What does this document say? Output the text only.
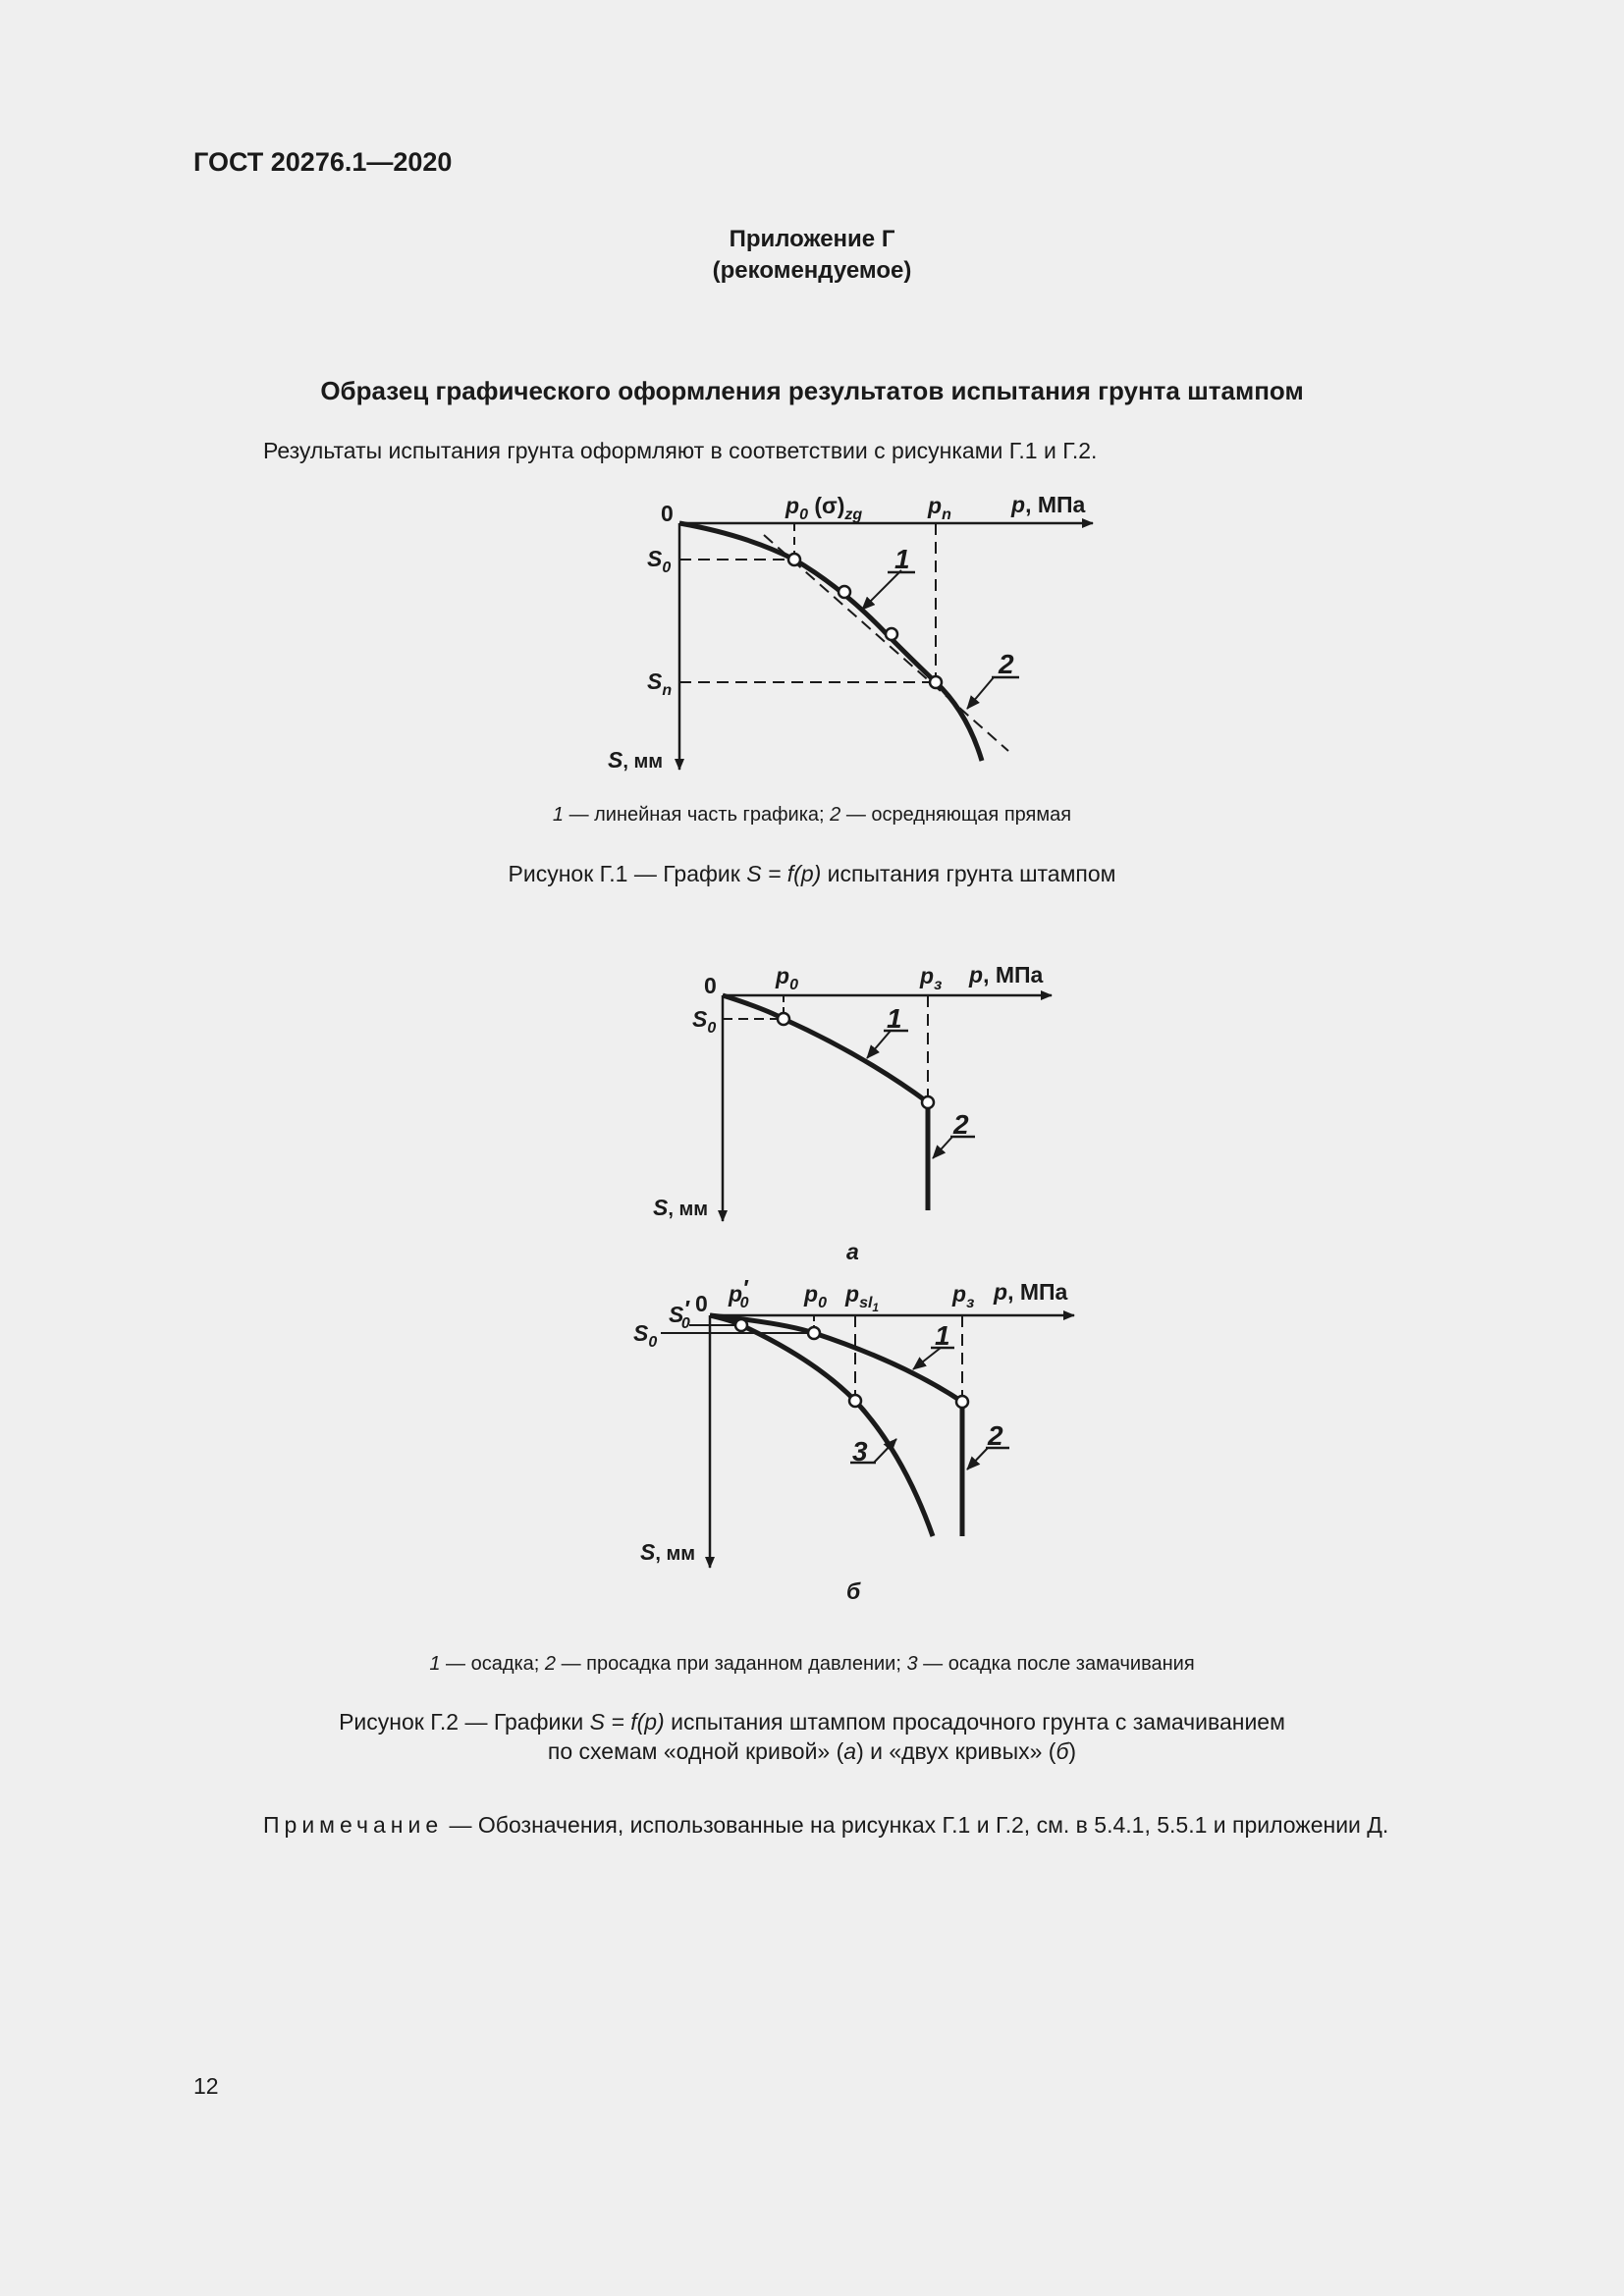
ГОСТ 20276.1—2020
Приложение Г
(рекомендуемое)
Образец графического оформления результатов испытания грунта штампом
Результаты испытания грунта оформляют в соответствии с рисунками Г.1 и Г.2.
0	p0 (σ)zg	pn	p, МПа
S0
Sn
S, мм
1
2
0	p0	pз p, МПа
S0
S, мм
1
2
а
0 p′ 0 p0 psl$_1$
pз p, МПа
S′ 0
S0
S, мм
1
2
3
б
1 — линейная часть графика; 2 — осредняющая прямая
Рисунок Г.1 — График S = f(p) испытания грунта штампом
1 — осадка; 2 — просадка при заданном давлении; 3 — осадка после замачивания
Рисунок Г.2 — Графики S = f(p) испытания штампом просадочного грунта с замачиванием
по схемам «одной кривой» (а) и «двух кривых» (б)
Примечание — Обозначения, использованные на рисунках Г.1 и Г.2, см. в 5.4.1, 5.5.1 и приложении Д.
12
